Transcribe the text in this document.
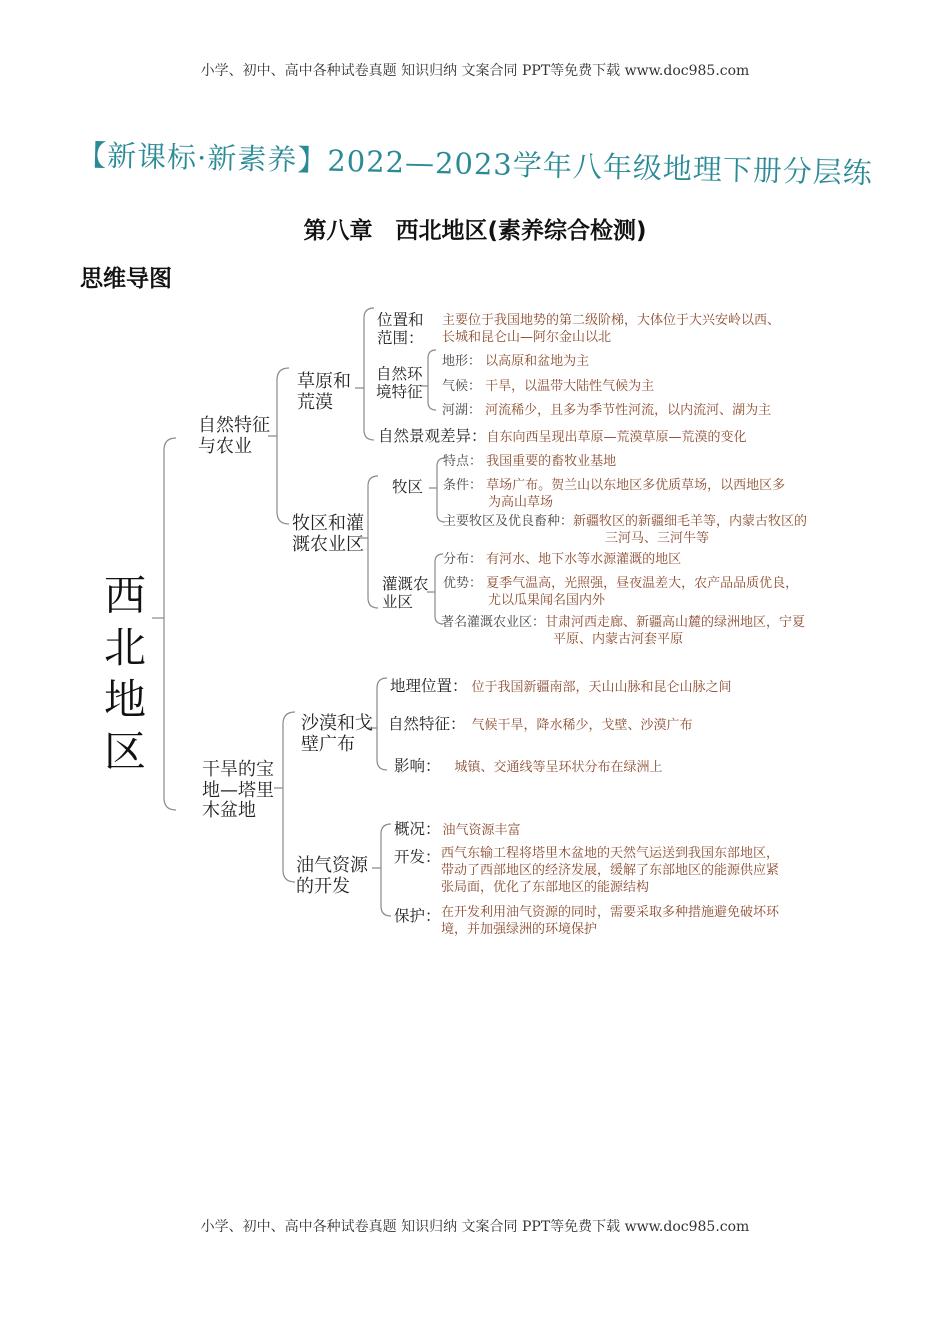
小学、初中、高中各种试卷真题 知识归纳 文案合同 PPT等免费下载 www.doc985.com
【新课标·新素养】2022—2023学年八年级地理下册分层练
第八章　西北地区(素养综合检测)
思维导图
西
北
地
区
自然特征
与农业
草原和
荒漠
位置和
范围：
主要位于我国地势的第二级阶梯，大体位于大兴安岭以西、
长城和昆仑山—阿尔金山以北
自然环
境特征
地形： 以高原和盆地为主
气候： 干旱，以温带大陆性气候为主
河湖： 河流稀少，且多为季节性河流，以内流河、湖为主
自然景观差异：自东向西呈现出草原—荒漠草原—荒漠的变化
牧区和灌
溉农业区
牧区
特点： 我国重要的畜牧业基地
条件： 草场广布。贺兰山以东地区多优质草场，以西地区多
为高山草场
主要牧区及优良畜种：新疆牧区的新疆细毛羊等，内蒙古牧区的
三河马、三河牛等
灌溉农
业区
分布： 有河水、地下水等水源灌溉的地区
优势： 夏季气温高，光照强，昼夜温差大，农产品品质优良，
尤以瓜果闻名国内外
著名灌溉农业区：甘肃河西走廊、新疆高山麓的绿洲地区，宁夏
平原、内蒙古河套平原
干旱的宝
地—塔里
木盆地
沙漠和戈
壁广布
地理位置： 位于我国新疆南部，天山山脉和昆仑山脉之间
自然特征： 气候干旱，降水稀少，戈壁、沙漠广布
影响： 城镇、交通线等呈环状分布在绿洲上
油气资源
的开发
概况： 油气资源丰富
开发： 西气东输工程将塔里木盆地的天然气运送到我国东部地区，
带动了西部地区的经济发展，缓解了东部地区的能源供应紧
张局面，优化了东部地区的能源结构
保护： 在开发利用油气资源的同时，需要采取多种措施避免破坏环
境，并加强绿洲的环境保护
小学、初中、高中各种试卷真题 知识归纳 文案合同 PPT等免费下载 www.doc985.com
